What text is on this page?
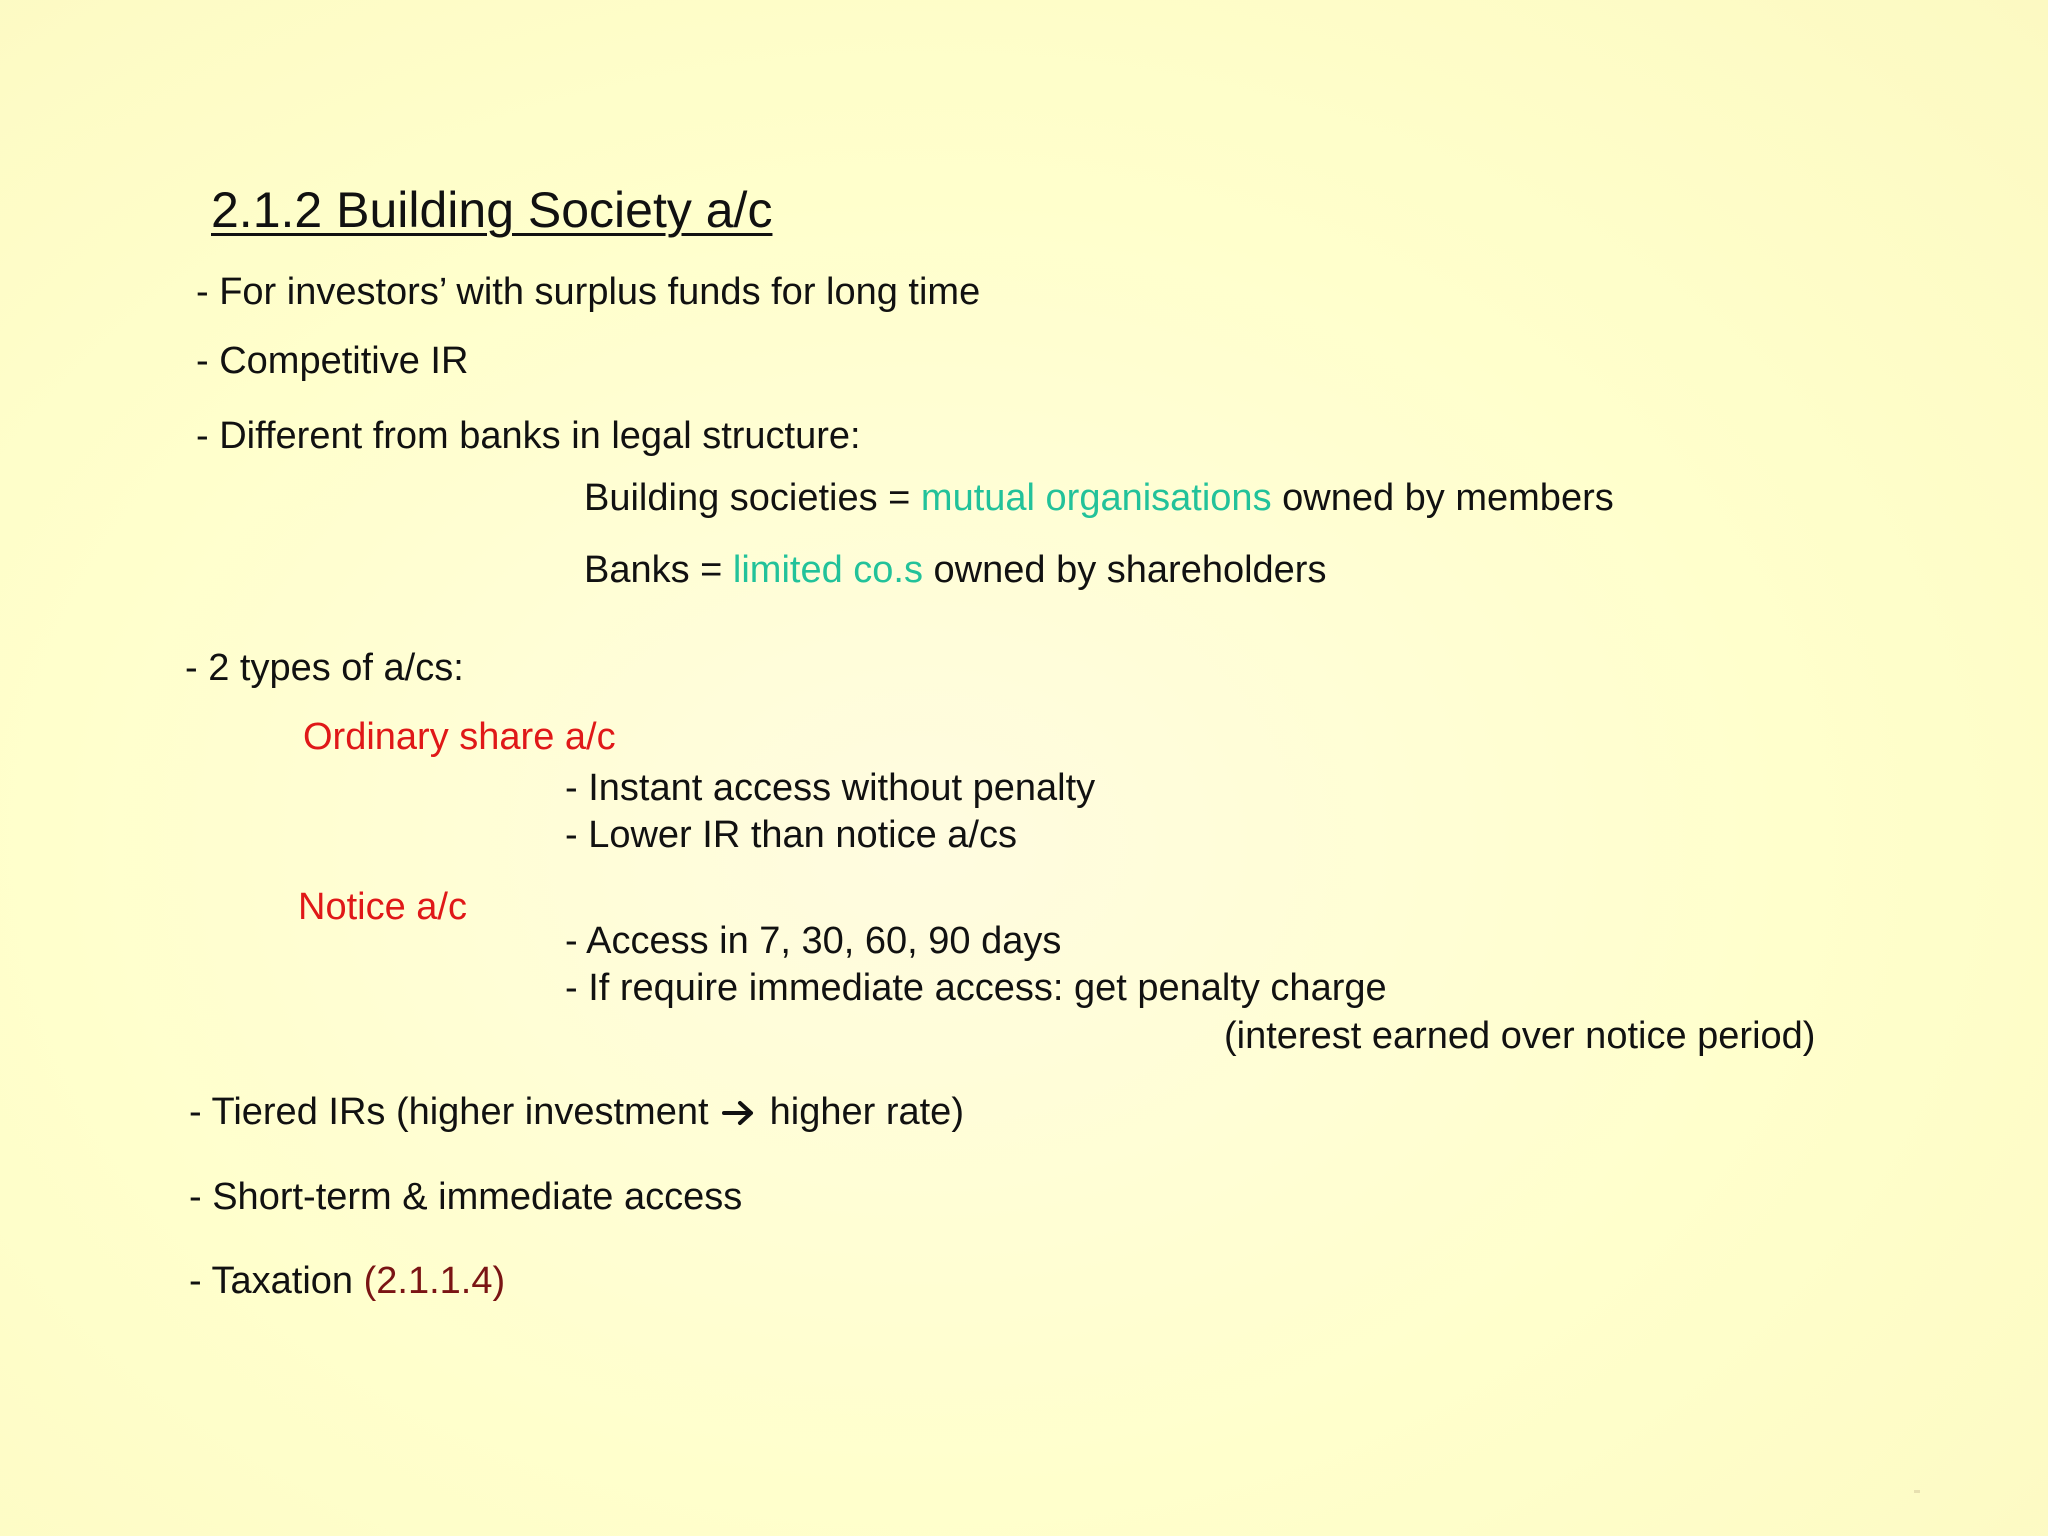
2.1.2 Building Society a/c
- For investors’ with surplus funds for long time
- Competitive IR
- Different from banks in legal structure:
Building societies = mutual organisations owned by members
Banks = limited co.s owned by shareholders
- 2 types of a/cs:
Ordinary share a/c
- Instant access without penalty
- Lower IR than notice a/cs
Notice a/c
- Access in 7, 30, 60, 90 days
- If require immediate access: get penalty charge
(interest earned over notice period)
- Tiered IRs (higher investment  higher rate)
- Short-term & immediate access
- Taxation (2.1.1.4)
